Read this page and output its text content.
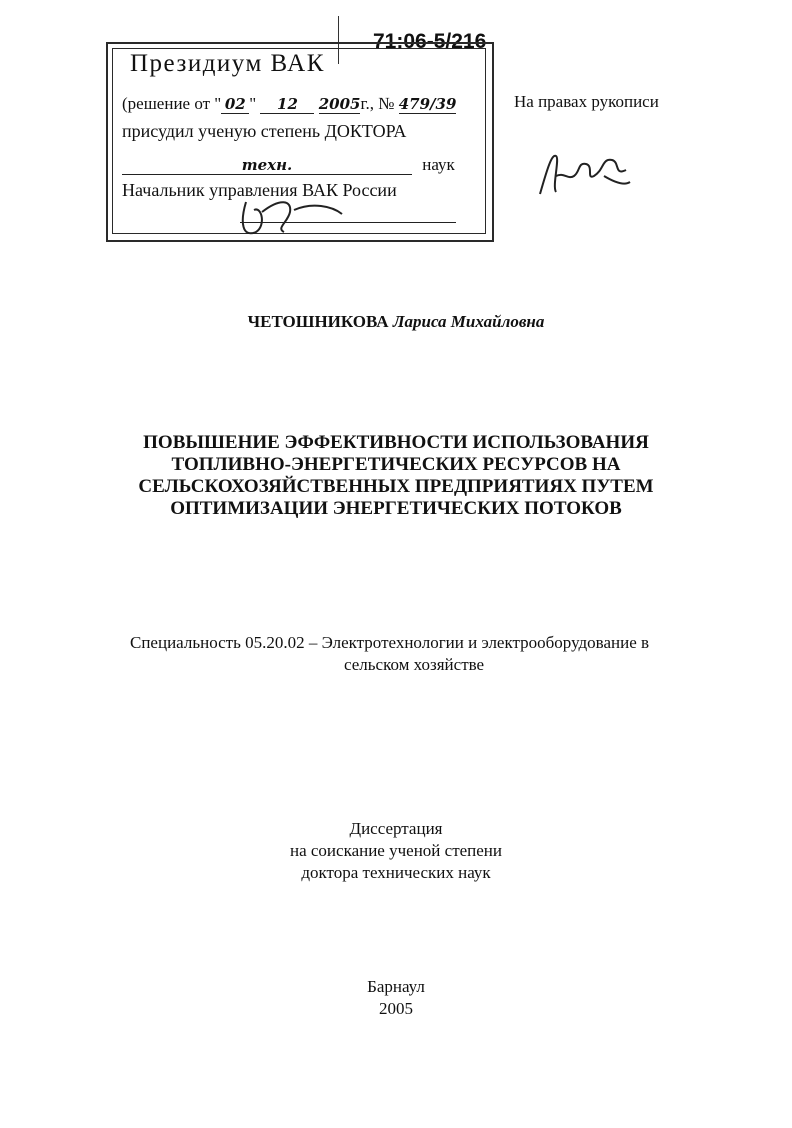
71:06-5/216
Президиум ВАК
(решение от " 02 " 12 2005г., № 479/39
присудил ученую степень ДОКТОРА
техн.	наук
Начальник управления ВАК России
На правах рукописи
ЧЕТОШНИКОВА Лариса Михайловна
ПОВЫШЕНИЕ ЭФФЕКТИВНОСТИ ИСПОЛЬЗОВАНИЯ
ТОПЛИВНО-ЭНЕРГЕТИЧЕСКИХ РЕСУРСОВ НА
СЕЛЬСКОХОЗЯЙСТВЕННЫХ ПРЕДПРИЯТИЯХ ПУТЕМ
ОПТИМИЗАЦИИ ЭНЕРГЕТИЧЕСКИХ ПОТОКОВ
Специальность 05.20.02 – Электротехнологии и электрооборудование в
сельском хозяйстве
Диссертация
на соискание ученой степени
доктора технических наук
Барнаул
2005
